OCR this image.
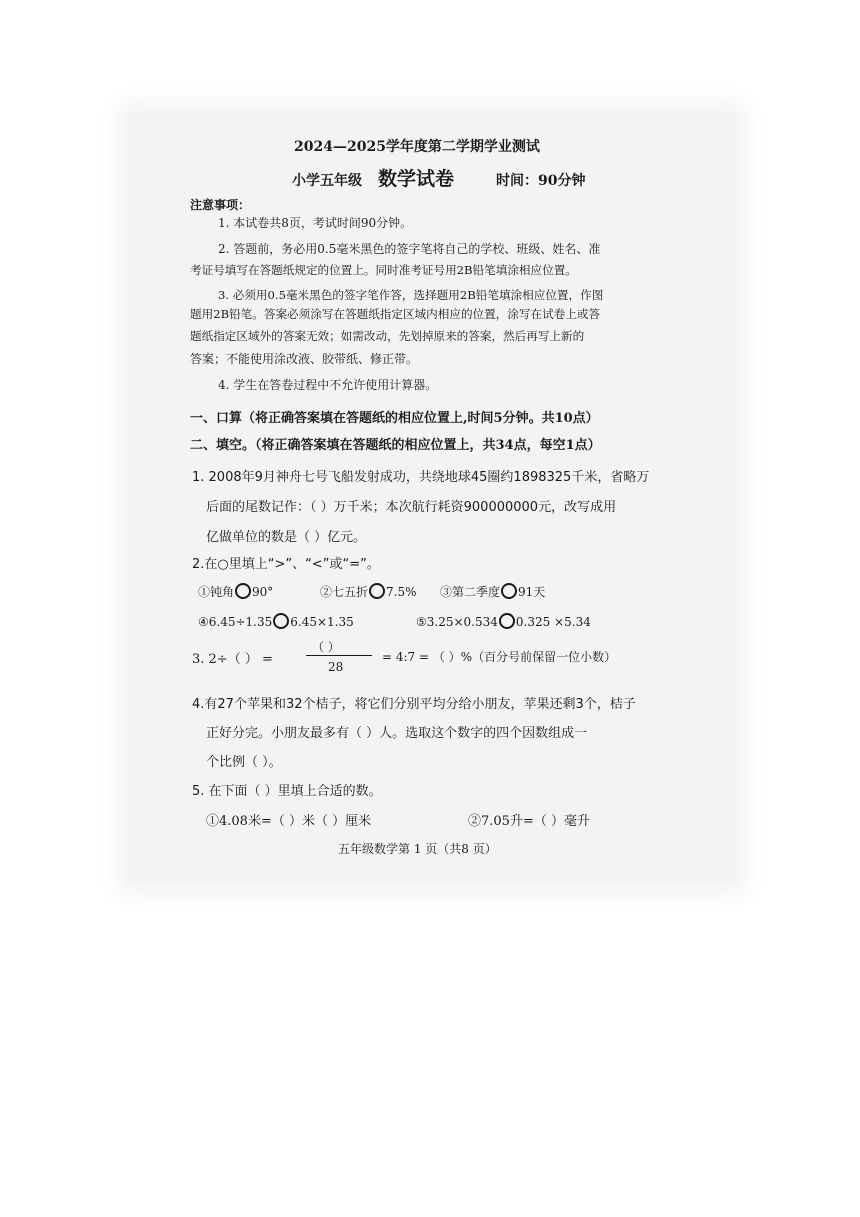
2024—2025学年度第二学期学业测试
小学五年级 数学试卷	时间：90分钟
注意事项：
1. 本试卷共8页，考试时间90分钟。
2. 答题前，务必用0.5毫米黑色的签字笔将自己的学校、班级、姓名、准
考证号填写在答题纸规定的位置上。同时准考证号用2B铅笔填涂相应位置。
3. 必须用0.5毫米黑色的签字笔作答，选择题用2B铅笔填涂相应位置，作图
题用2B铅笔。答案必须涂写在答题纸指定区域内相应的位置，涂写在试卷上或答
题纸指定区域外的答案无效；如需改动，先划掉原来的答案，然后再写上新的
答案；不能使用涂改液、胶带纸、修正带。
4. 学生在答卷过程中不允许使用计算器。
一、口算（将正确答案填在答题纸的相应位置上,时间5分钟。共10点）
二、填空。（将正确答案填在答题纸的相应位置上，共34点，每空1点）
1. 2008年9月神舟七号飞船发射成功，共绕地球45圈约1898325千米，省略万
后面的尾数记作：（ ）万千米；本次航行耗资900000000元，改写成用
亿做单位的数是（ ）亿元。
2.在○里填上“>”、“<”或“=”。
①钝角 90°	②七五折 7.5% ③第二季度 91天
④6.45÷1.35 6.45×1.35	⑤3.25×0.534 0.325 ×5.34
3. 2÷（ ） =
（ ）
28
= 4:7 = （ ）%（百分号前保留一位小数）
4.有27个苹果和32个桔子，将它们分别平均分给小朋友，苹果还剩3个，桔子
正好分完。小朋友最多有（ ）人。选取这个数字的四个因数组成一
个比例（ ）。
5. 在下面（ ）里填上合适的数。
①4.08米=（ ）米（ ）厘米	②7.05升=（ ）毫升
五年级数学第 1 页（共8 页）
